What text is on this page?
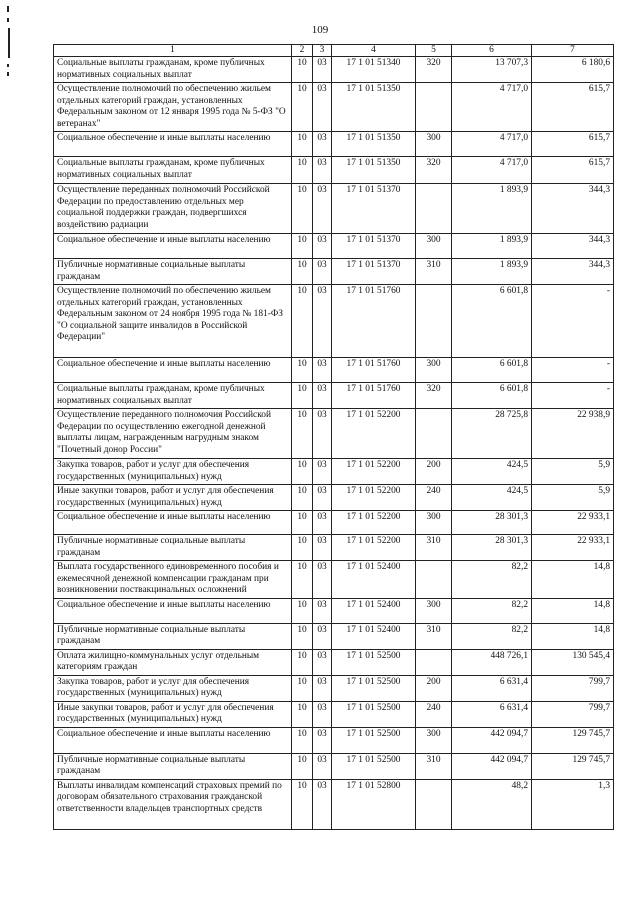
109
1	2	3	4	5	6	7
Социальные выплаты гражданам, кроме публичных нормативных социальных выплат	10	03	17 1 01 51340	320	13 707,3	6 180,6
Осуществление полномочий по обеспечению жильем отдельных категорий граждан, установленных Федеральным законом от 12 января 1995 года № 5-ФЗ "О ветеранах"	10	03	17 1 01 51350		4 717,0	615,7
Социальное обеспечение и иные выплаты населению	10	03	17 1 01 51350	300	4 717,0	615,7
Социальные выплаты гражданам, кроме публичных нормативных социальных выплат	10	03	17 1 01 51350	320	4 717,0	615,7
Осуществление переданных полномочий Российской Федерации по предоставлению отдельных мер социальной поддержки граждан, подвергшихся воздействию радиации	10	03	17 1 01 51370		1 893,9	344,3
Социальное обеспечение и иные выплаты населению	10	03	17 1 01 51370	300	1 893,9	344,3
Публичные нормативные социальные выплаты гражданам	10	03	17 1 01 51370	310	1 893,9	344,3
Осуществление полномочий по обеспечению жильем отдельных категорий граждан, установленных Федеральным законом от 24 ноября 1995 года № 181-ФЗ "О социальной защите инвалидов в Российской Федерации"	10	03	17 1 01 51760		6 601,8	-
Социальное обеспечение и иные выплаты населению	10	03	17 1 01 51760	300	6 601,8	-
Социальные выплаты гражданам, кроме публичных нормативных социальных выплат	10	03	17 1 01 51760	320	6 601,8	-
Осуществление переданного полномочия Российской Федерации по осуществлению ежегодной денежной выплаты лицам, награжденным нагрудным знаком "Почетный донор России"	10	03	17 1 01 52200		28 725,8	22 938,9
Закупка товаров, работ и услуг для обеспечения государственных (муниципальных) нужд	10	03	17 1 01 52200	200	424,5	5,9
Иные закупки товаров, работ и услуг для обеспечения государственных (муниципальных) нужд	10	03	17 1 01 52200	240	424,5	5,9
Социальное обеспечение и иные выплаты населению	10	03	17 1 01 52200	300	28 301,3	22 933,1
Публичные нормативные социальные выплаты гражданам	10	03	17 1 01 52200	310	28 301,3	22 933,1
Выплата государственного единовременного пособия и ежемесячной денежной компенсации гражданам при возникновении поствакцинальных осложнений	10	03	17 1 01 52400		82,2	14,8
Социальное обеспечение и иные выплаты населению	10	03	17 1 01 52400	300	82,2	14,8
Публичные нормативные социальные выплаты гражданам	10	03	17 1 01 52400	310	82,2	14,8
Оплата жилищно-коммунальных услуг отдельным категориям граждан	10	03	17 1 01 52500		448 726,1	130 545,4
Закупка товаров, работ и услуг для обеспечения государственных (муниципальных) нужд	10	03	17 1 01 52500	200	6 631,4	799,7
Иные закупки товаров, работ и услуг для обеспечения государственных (муниципальных) нужд	10	03	17 1 01 52500	240	6 631,4	799,7
Социальное обеспечение и иные выплаты населению	10	03	17 1 01 52500	300	442 094,7	129 745,7
Публичные нормативные социальные выплаты гражданам	10	03	17 1 01 52500	310	442 094,7	129 745,7
Выплаты инвалидам компенсаций страховых премий по договорам обязательного страхования гражданской ответственности владельцев транспортных средств	10	03	17 1 01 52800		48,2	1,3
